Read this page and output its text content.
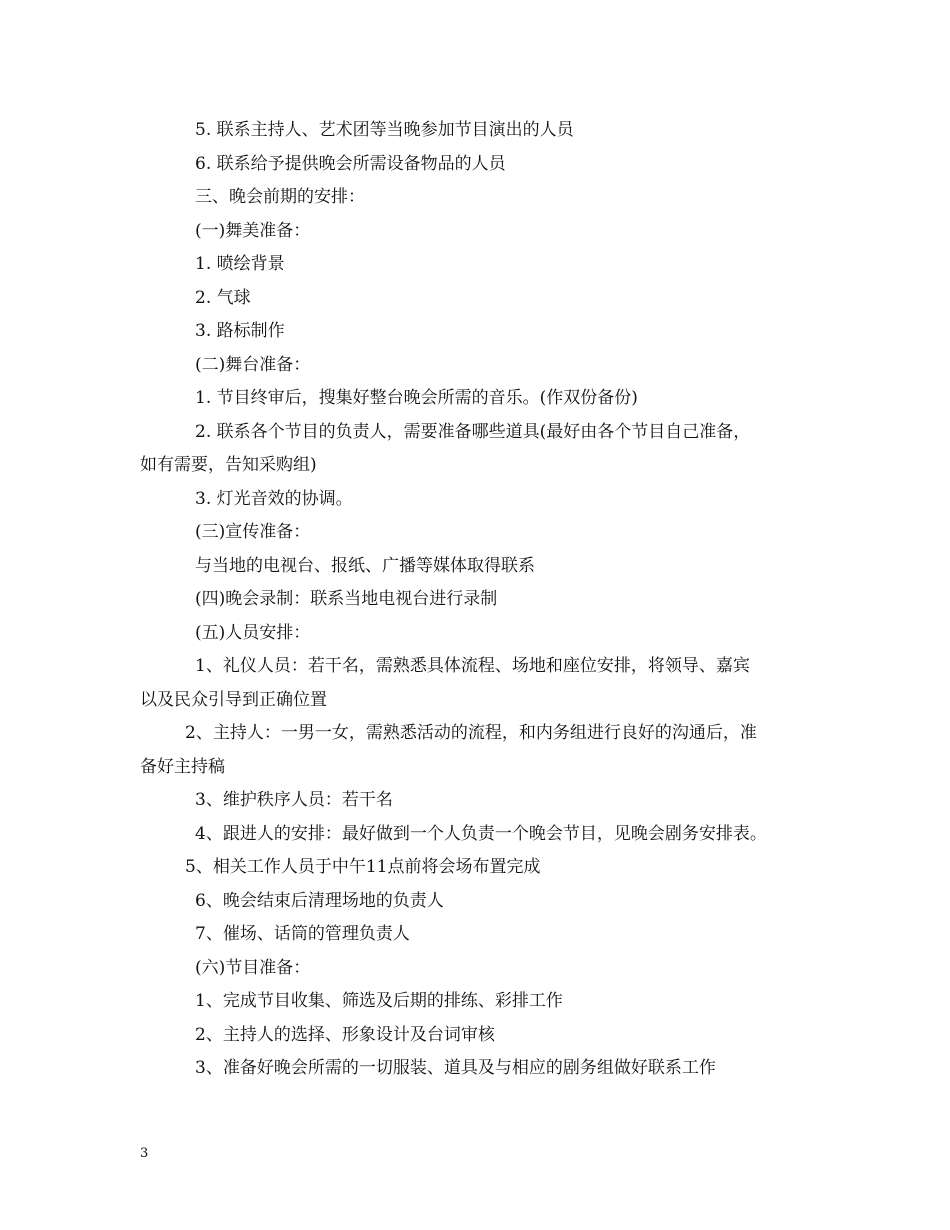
5. 联系主持人、艺术团等当晚参加节目演出的人员

6. 联系给予提供晚会所需设备物品的人员

三、晚会前期的安排：

(一)舞美准备：

1. 喷绘背景

2. 气球

3. 路标制作

(二)舞台准备：

1. 节目终审后，搜集好整台晚会所需的音乐。(作双份备份)

2. 联系各个节目的负责人，需要准备哪些道具(最好由各个节目自己准备，

如有需要，告知采购组)

3. 灯光音效的协调。

(三)宣传准备：

与当地的电视台、报纸、广播等媒体取得联系

(四)晚会录制：联系当地电视台进行录制

(五)人员安排：

1、礼仪人员：若干名，需熟悉具体流程、场地和座位安排，将领导、嘉宾

以及民众引导到正确位置

2、主持人：一男一女，需熟悉活动的流程，和内务组进行良好的沟通后，准

备好主持稿

3、维护秩序人员：若干名

4、跟进人的安排：最好做到一个人负责一个晚会节目，见晚会剧务安排表。

5、相关工作人员于中午11点前将会场布置完成

6、晚会结束后清理场地的负责人

7、催场、话筒的管理负责人

(六)节目准备：

1、完成节目收集、筛选及后期的排练、彩排工作

2、主持人的选择、形象设计及台词审核

3、准备好晚会所需的一切服装、道具及与相应的剧务组做好联系工作

3
